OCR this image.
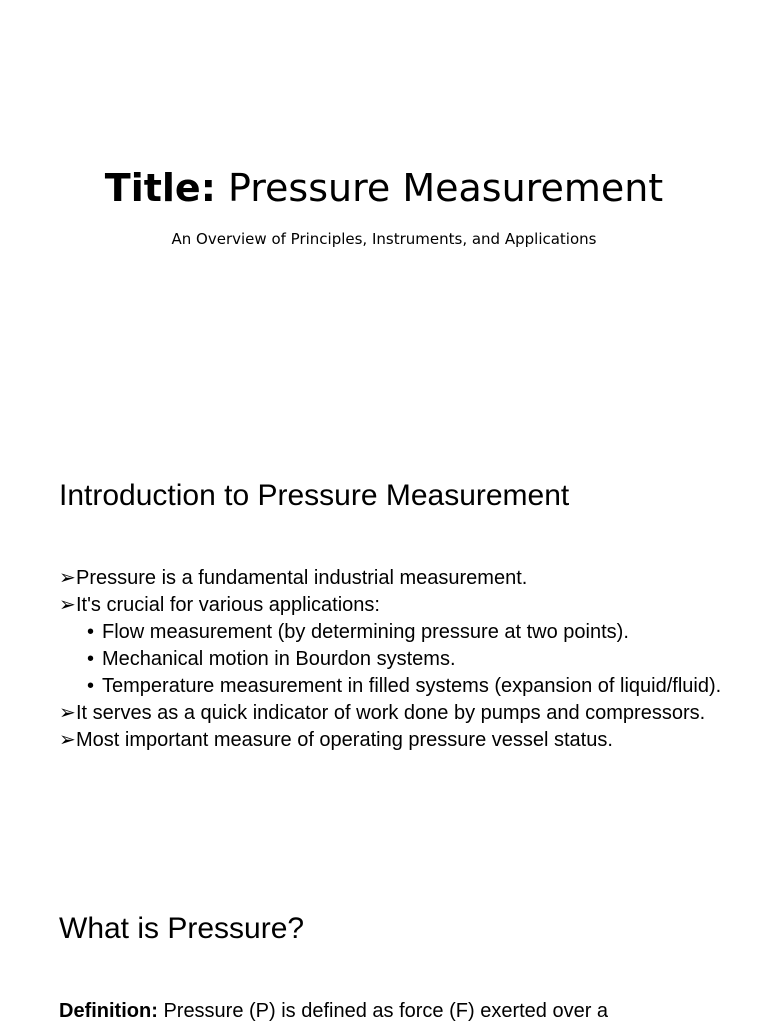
Title: Pressure Measurement
An Overview of Principles, Instruments, and Applications
Introduction to Pressure Measurement
➢Pressure is a fundamental industrial measurement.
➢It's crucial for various applications:
• Flow measurement (by determining pressure at two points).
• Mechanical motion in Bourdon systems.
• Temperature measurement in filled systems (expansion of liquid/fluid).
➢It serves as a quick indicator of work done by pumps and compressors.
➢Most important measure of operating pressure vessel status.
What is Pressure?

Definition: Pressure (P) is defined as force (F) exerted over a
